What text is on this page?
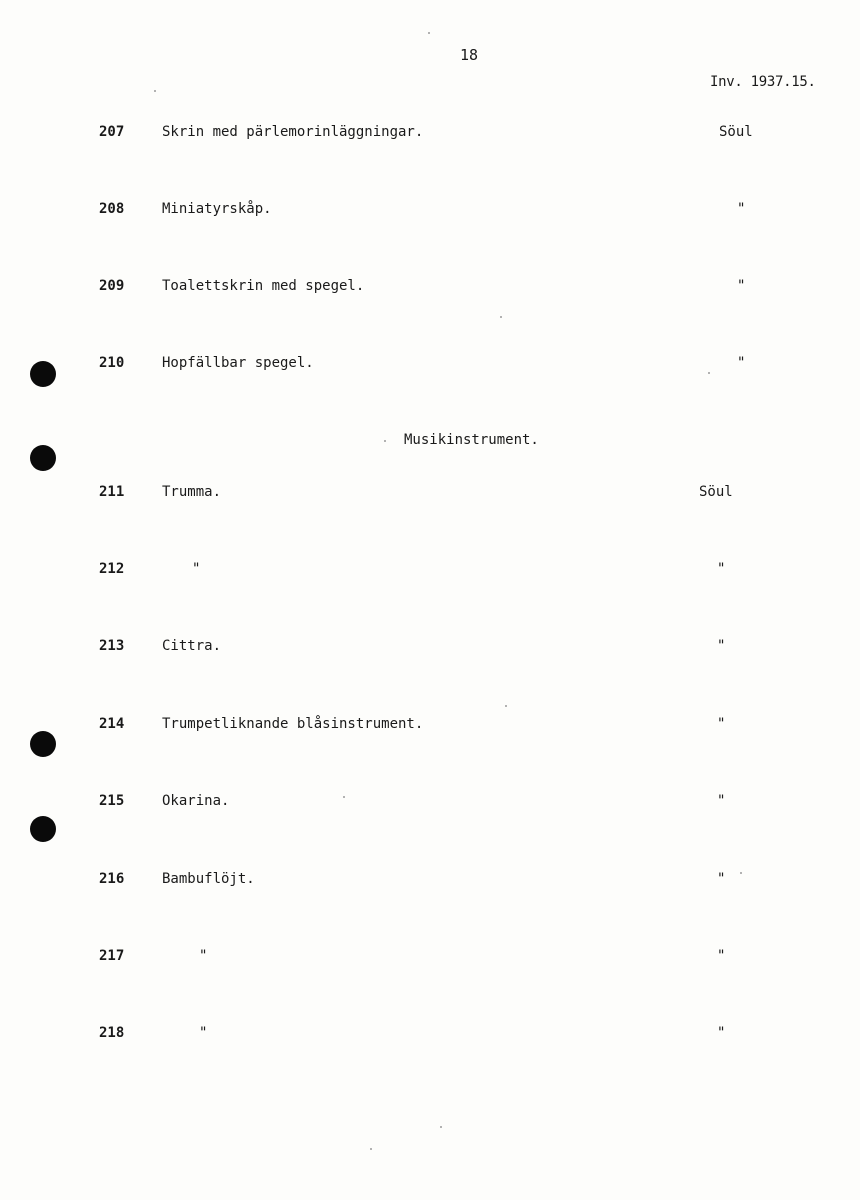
18
Inv. 1937.15.
207	Skrin med pärlemorinläggningar.	Söul
208	Miniatyrskåp.	"
209	Toalettskrin med spegel.	"
210	Hopfällbar spegel.	"
Musikinstrument.
211	Trumma.	Söul
212	"	"
213	Cittra.	"
214	Trumpetliknande blåsinstrument.	"
215	Okarina.	"
216	Bambuflöjt.	"
217	"	"
218	"	"
